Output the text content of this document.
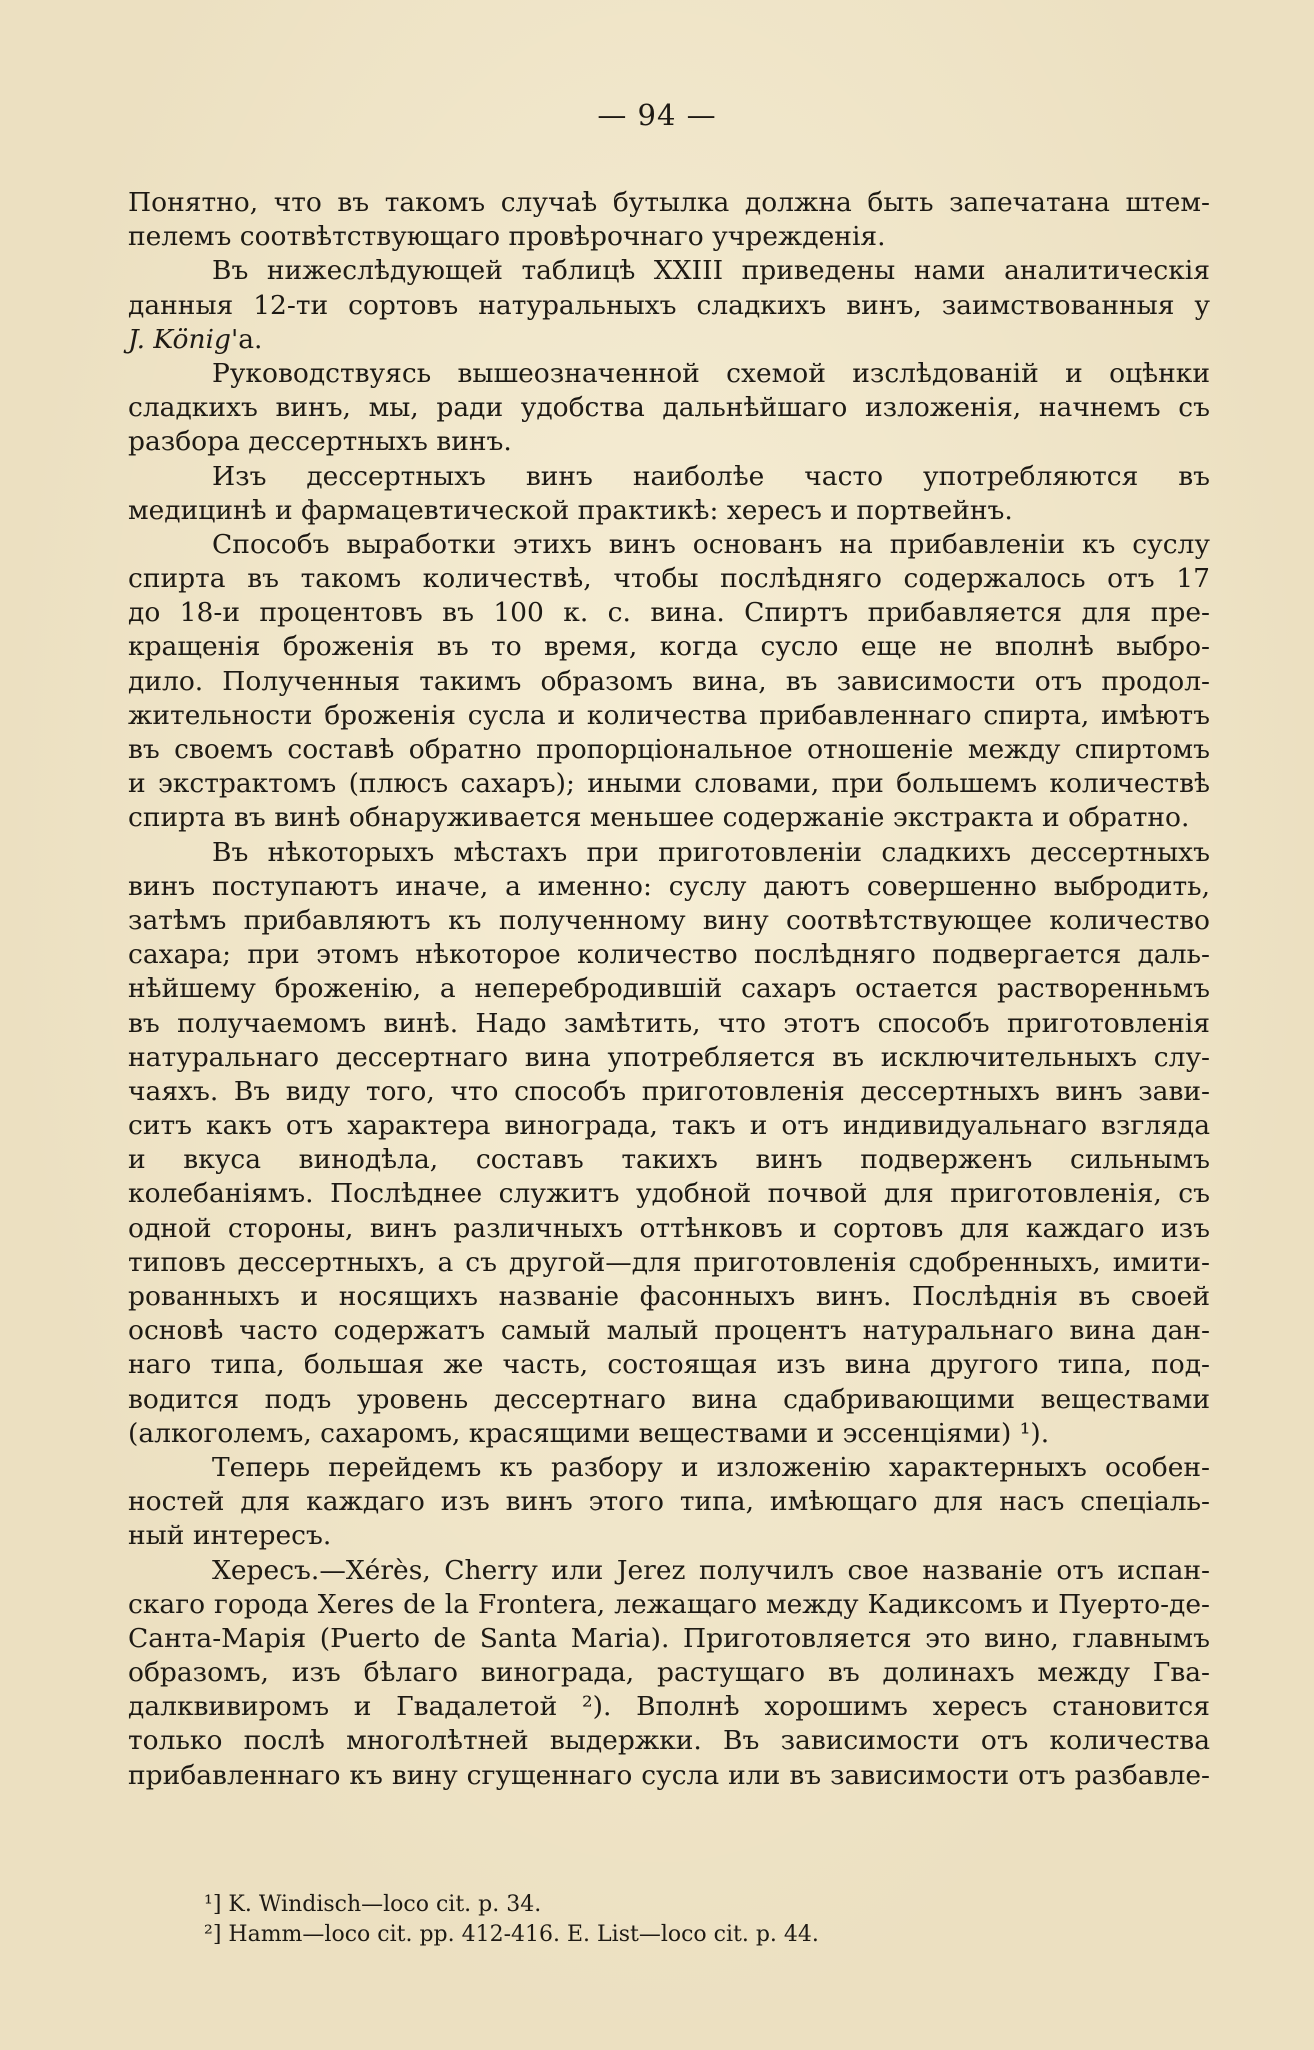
— 94 —
Понятно, что въ такомъ случаѣ бутылка должна быть запечатана штем-
пелемъ соотвѣтствующаго провѣрочнаго учрежденія.
Въ нижеслѣдующей таблицѣ XXIII приведены нами аналитическія
данныя 12-ти сортовъ натуральныхъ сладкихъ винъ, заимствованныя у
J. König'а.
Руководствуясь вышеозначенной схемой изслѣдованій и оцѣнки
сладкихъ винъ, мы, ради удобства дальнѣйшаго изложенія, начнемъ съ
разбора дессертныхъ винъ.
Изъ дессертныхъ винъ наиболѣе часто употребляются въ
медицинѣ и фармацевтической практикѣ: хересъ и портвейнъ.
Способъ выработки этихъ винъ основанъ на прибавленіи къ суслу
спирта въ такомъ количествѣ, чтобы послѣдняго содержалось отъ 17
до 18-и процентовъ въ 100 к. с. вина. Спиртъ прибавляется для пре-
кращенія броженія въ то время, когда сусло еще не вполнѣ выбро-
дило. Полученныя такимъ образомъ вина, въ зависимости отъ продол-
жительности броженія сусла и количества прибавленнаго спирта, имѣютъ
въ своемъ составѣ обратно пропорціональное отношеніе между спиртомъ
и экстрактомъ (плюсъ сахаръ); иными словами, при большемъ количествѣ
спирта въ винѣ обнаруживается меньшее содержаніе экстракта и обратно.
Въ нѣкоторыхъ мѣстахъ при приготовленіи сладкихъ дессертныхъ
винъ поступаютъ иначе, а именно: суслу даютъ совершенно выбродить,
затѣмъ прибавляютъ къ полученному вину соотвѣтствующее количество
сахара; при этомъ нѣкоторое количество послѣдняго подвергается даль-
нѣйшему броженію, а неперебродившій сахаръ остается растворенньмъ
въ получаемомъ винѣ. Надо замѣтить, что этотъ способъ приготовленія
натуральнаго дессертнаго вина употребляется въ исключительныхъ слу-
чаяхъ. Въ виду того, что способъ приготовленія дессертныхъ винъ зави-
ситъ какъ отъ характера винограда, такъ и отъ индивидуальнаго взгляда
и вкуса винодѣла, составъ такихъ винъ подверженъ сильнымъ
колебаніямъ. Послѣднее служитъ удобной почвой для приготовленія, съ
одной стороны, винъ различныхъ оттѣнковъ и сортовъ для каждаго изъ
типовъ дессертныхъ, а съ другой—для приготовленія сдобренныхъ, имити-
рованныхъ и носящихъ названіе фасонныхъ винъ. Послѣднія въ своей
основѣ часто содержатъ самый малый процентъ натуральнаго вина дан-
наго типа, большая же часть, состоящая изъ вина другого типа, под-
водится подъ уровень дессертнаго вина сдабривающими веществами
(алкоголемъ, сахаромъ, красящими веществами и эссенціями) ¹).
Теперь перейдемъ къ разбору и изложенію характерныхъ особен-
ностей для каждаго изъ винъ этого типа, имѣющаго для насъ спеціаль-
ный интересъ.
Хересъ.—Xérès, Cherry или Jerez получилъ свое названіе отъ испан-
скаго города Xeres de la Frontera, лежащаго между Кадиксомъ и Пуерто-де-
Санта-Марія (Puerto de Santa Maria). Приготовляется это вино, главнымъ
образомъ, изъ бѣлаго винограда, растущаго въ долинахъ между Гва-
далквивиромъ и Гвадалетой ²). Вполнѣ хорошимъ хересъ становится
только послѣ многолѣтней выдержки. Въ зависимости отъ количества
прибавленнаго къ вину сгущеннаго сусла или въ зависимости отъ разбавле-
¹] K. Windisch—loco cit. p. 34.
²] Hamm—loco cit. pp. 412-416. E. List—loco cit. p. 44.
